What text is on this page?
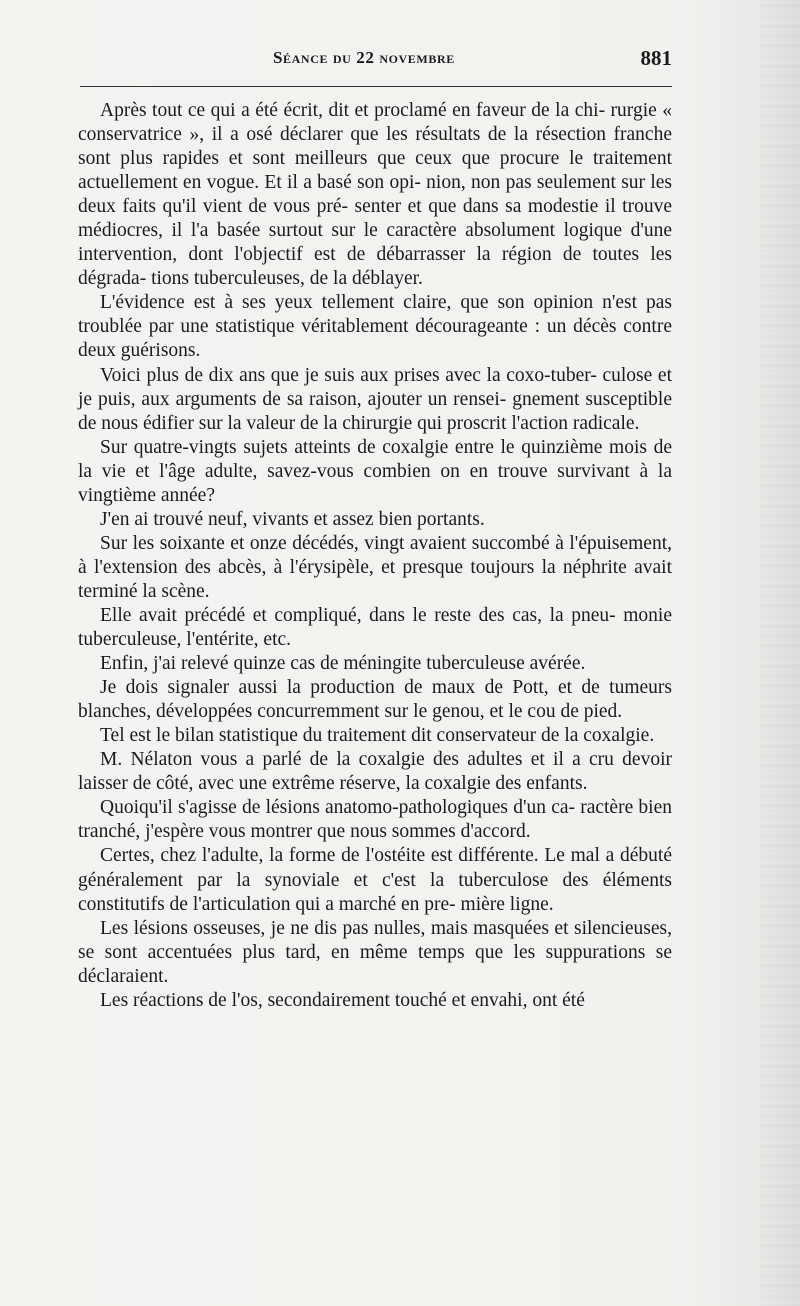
Séance du 22 novembre	881

Après tout ce qui a été écrit, dit et proclamé en faveur de la chi- rurgie « conservatrice », il a osé déclarer que les résultats de la résection franche sont plus rapides et sont meilleurs que ceux que procure le traitement actuellement en vogue. Et il a basé son opi- nion, non pas seulement sur les deux faits qu'il vient de vous pré- senter et que dans sa modestie il trouve médiocres, il l'a basée surtout sur le caractère absolument logique d'une intervention, dont l'objectif est de débarrasser la région de toutes les dégrada- tions tuberculeuses, de la déblayer.

L'évidence est à ses yeux tellement claire, que son opinion n'est pas troublée par une statistique véritablement décourageante : un décès contre deux guérisons.

Voici plus de dix ans que je suis aux prises avec la coxo-tuber- culose et je puis, aux arguments de sa raison, ajouter un rensei- gnement susceptible de nous édifier sur la valeur de la chirurgie qui proscrit l'action radicale.

Sur quatre-vingts sujets atteints de coxalgie entre le quinzième mois de la vie et l'âge adulte, savez-vous combien on en trouve survivant à la vingtième année?

J'en ai trouvé neuf, vivants et assez bien portants.

Sur les soixante et onze décédés, vingt avaient succombé à l'épuisement, à l'extension des abcès, à l'érysipèle, et presque toujours la néphrite avait terminé la scène.

Elle avait précédé et compliqué, dans le reste des cas, la pneu- monie tuberculeuse, l'entérite, etc.

Enfin, j'ai relevé quinze cas de méningite tuberculeuse avérée.

Je dois signaler aussi la production de maux de Pott, et de tumeurs blanches, développées concurremment sur le genou, et le cou de pied.

Tel est le bilan statistique du traitement dit conservateur de la coxalgie.

M. Nélaton vous a parlé de la coxalgie des adultes et il a cru devoir laisser de côté, avec une extrême réserve, la coxalgie des enfants.

Quoiqu'il s'agisse de lésions anatomo-pathologiques d'un ca- ractère bien tranché, j'espère vous montrer que nous sommes d'accord.

Certes, chez l'adulte, la forme de l'ostéite est différente. Le mal a débuté généralement par la synoviale et c'est la tuberculose des éléments constitutifs de l'articulation qui a marché en pre- mière ligne.

Les lésions osseuses, je ne dis pas nulles, mais masquées et silencieuses, se sont accentuées plus tard, en même temps que les suppurations se déclaraient.

Les réactions de l'os, secondairement touché et envahi, ont été
